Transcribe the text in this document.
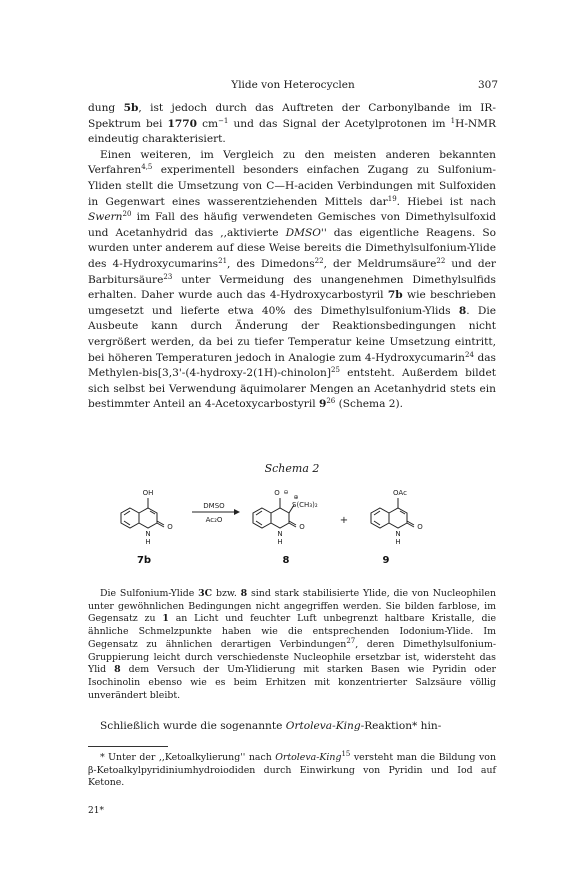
Ylide von Heterocyclen	307

dung 5b, ist jedoch durch das Auftreten der Carbonylbande im IR-Spektrum bei 1770 $cm^{-1}$ und das Signal der Acetylprotonen im $^1$H-NMR eindeutig charakterisiert.

Einen weiteren, im Vergleich zu den meisten anderen bekannten Verfahren$^{4,5}$ experimentell besonders einfachen Zugang zu Sulfonium-Yliden stellt die Umsetzung von C—H-aciden Verbindungen mit Sulfoxiden in Gegenwart eines wasserentziehenden Mittels dar$^{19}$. Hiebei ist nach Swern$^{20}$ im Fall des häufig verwendeten Gemisches von Dimethylsulfoxid und Acetanhydrid das ,,aktivierte DMSO'' das eigentliche Reagens. So wurden unter anderem auf diese Weise bereits die Dimethylsulfonium-Ylide des 4-Hydroxycumarins$^{21}$, des Dimedons$^{22}$, der Meldrumsäure$^{22}$ und der Barbitursäure$^{23}$ unter Vermeidung des unangenehmen Dimethylsulfids erhalten. Daher wurde auch das 4-Hydroxycarbostyril 7b wie beschrieben umgesetzt und lieferte etwa 40% des Dimethylsulfonium-Ylids 8. Die Ausbeute kann durch Änderung der Reaktionsbedingungen nicht vergrößert werden, da bei zu tiefer Temperatur keine Umsetzung eintritt, bei höheren Temperaturen jedoch in Analogie zum 4-Hydroxycumarin$^{24}$ das Methylen-bis[3,3'-(4-hydroxy-2(1H)-chinolon]$^{25}$ entsteht. Außerdem bildet sich selbst bei Verwendung äquimolarer Mengen an Acetanhydrid stets ein bestimmter Anteil an 4-Acetoxycarbostyril $9^{26}$ (Schema 2).

Schema 2
OH
N
H
O
7b
DMSO
Ac₂O
O ⊖
⊕
S(CH₃)₂
N
H
O
8
+
OAc
N
H
O
9

Die Sulfonium-Ylide 3C bzw. 8 sind stark stabilisierte Ylide, die von Nucleophilen unter gewöhnlichen Bedingungen nicht angegriffen werden. Sie bilden farblose, im Gegensatz zu 1 an Licht und feuchter Luft unbegrenzt haltbare Kristalle, die ähnliche Schmelzpunkte haben wie die entsprechenden Iodonium-Ylide. Im Gegensatz zu ähnlichen derartigen Verbindungen$^{27}$, deren Dimethylsulfonium-Gruppierung leicht durch verschiedenste Nucleophile ersetzbar ist, widersteht das Ylid 8 dem Versuch der Um-Ylidierung mit starken Basen wie Pyridin oder Isochinolin ebenso wie es beim Erhitzen mit konzentrierter Salzsäure völlig unverändert bleibt.

Schließlich wurde die sogenannte Ortoleva-King-Reaktion* hin-

* Unter der ,,Ketoalkylierung'' nach Ortoleva-King$^{15}$ versteht man die Bildung von β-Ketoalkylpyridiniumhydroiodiden durch Einwirkung von Pyridin und Iod auf Ketone.

21*
